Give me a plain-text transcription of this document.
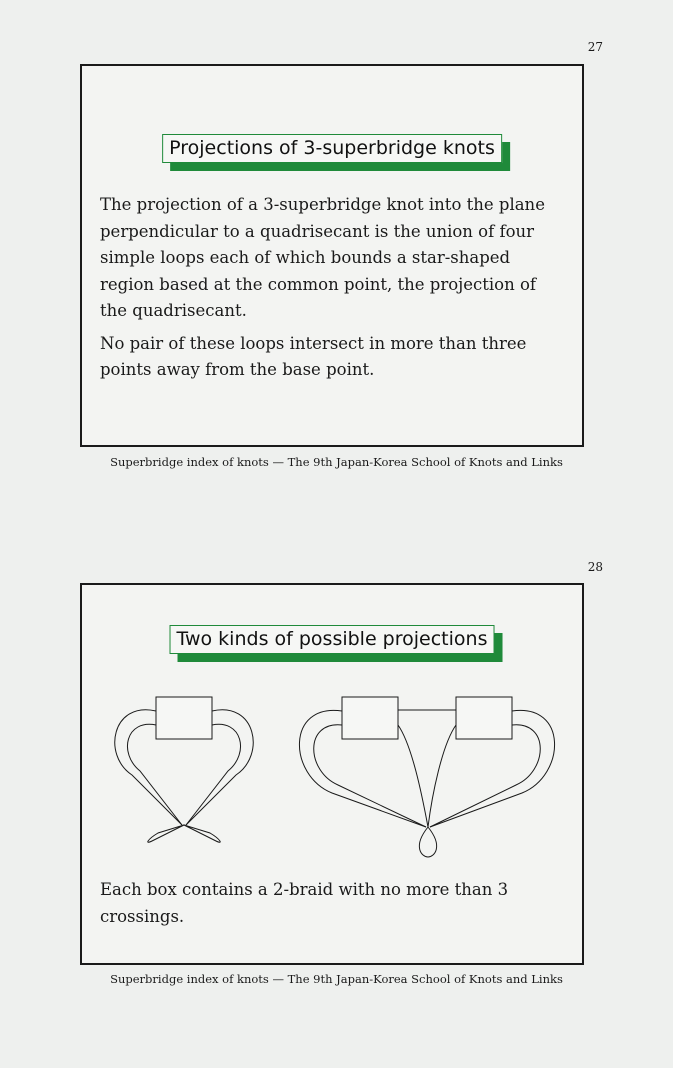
27
Projections of 3-superbridge knots

The projection of a 3-superbridge knot into the plane perpendicular to a quadrisecant is the union of four simple loops each of which bounds a star-shaped region based at the common point, the projection of the quadrisecant.

No pair of these loops intersect in more than three points away from the base point.

Superbridge index of knots — The 9th Japan-Korea School of Knots and Links
28
Two kinds of possible projections

Each box contains a 2-braid with no more than 3 crossings.

Superbridge index of knots — The 9th Japan-Korea School of Knots and Links
